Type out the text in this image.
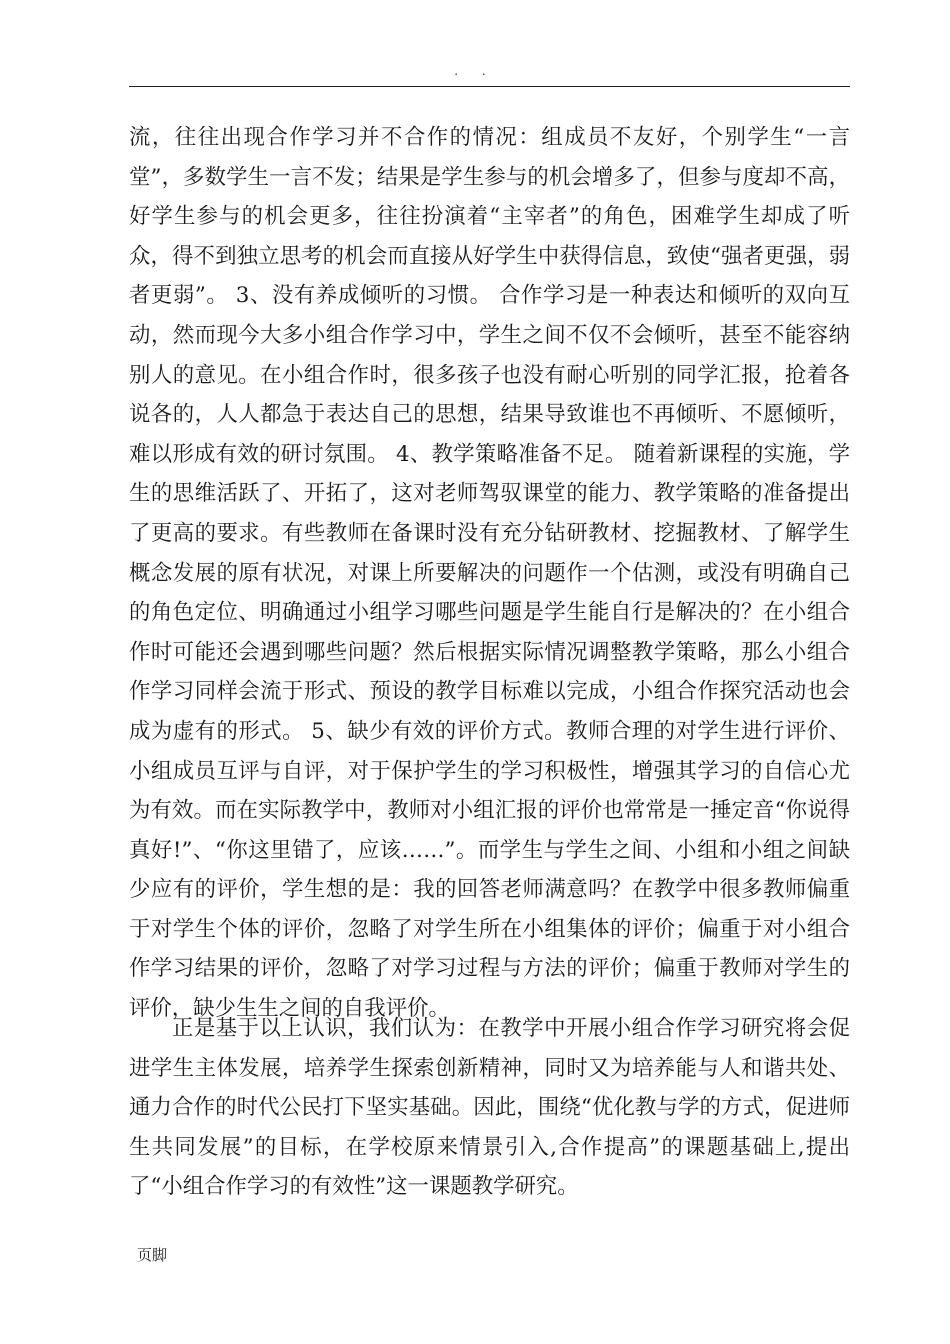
. .

流，往往出现合作学习并不合作的情况：组成员不友好，个别学生“一言堂”，多数学生一言不发；结果是学生参与的机会增多了，但参与度却不高，好学生参与的机会更多，往往扮演着“主宰者”的角色，困难学生却成了听众，得不到独立思考的机会而直接从好学生中获得信息，致使“强者更强，弱者更弱”。 3、没有养成倾听的习惯。 合作学习是一种表达和倾听的双向互动，然而现今大多小组合作学习中，学生之间不仅不会倾听，甚至不能容纳别人的意见。在小组合作时，很多孩子也没有耐心听别的同学汇报，抢着各说各的，人人都急于表达自己的思想，结果导致谁也不再倾听、不愿倾听，难以形成有效的研讨氛围。 4、教学策略准备不足。 随着新课程的实施，学生的思维活跃了、开拓了，这对老师驾驭课堂的能力、教学策略的准备提出了更高的要求。有些教师在备课时没有充分钻研教材、挖掘教材、了解学生概念发展的原有状况，对课上所要解决的问题作一个估测，或没有明确自己的角色定位、明确通过小组学习哪些问题是学生能自行是解决的？在小组合作时可能还会遇到哪些问题？然后根据实际情况调整教学策略，那么小组合作学习同样会流于形式、预设的教学目标难以完成，小组合作探究活动也会成为虚有的形式。 5、缺少有效的评价方式。教师合理的对学生进行评价、小组成员互评与自评，对于保护学生的学习积极性，增强其学习的自信心尤为有效。而在实际教学中，教师对小组汇报的评价也常常是一捶定音“你说得真好!”、“你这里错了，应该……”。而学生与学生之间、小组和小组之间缺少应有的评价，学生想的是：我的回答老师满意吗？在教学中很多教师偏重于对学生个体的评价，忽略了对学生所在小组集体的评价；偏重于对小组合作学习结果的评价，忽略了对学习过程与方法的评价；偏重于教师对学生的评价，缺少生生之间的自我评价。

正是基于以上认识，我们认为：在教学中开展小组合作学习研究将会促进学生主体发展，培养学生探索创新精神，同时又为培养能与人和谐共处、通力合作的时代公民打下坚实基础。因此，围绕“优化教与学的方式，促进师生共同发展”的目标，在学校原来情景引入,合作提高”的课题基础上,提出了“小组合作学习的有效性”这一课题教学研究。

页脚
